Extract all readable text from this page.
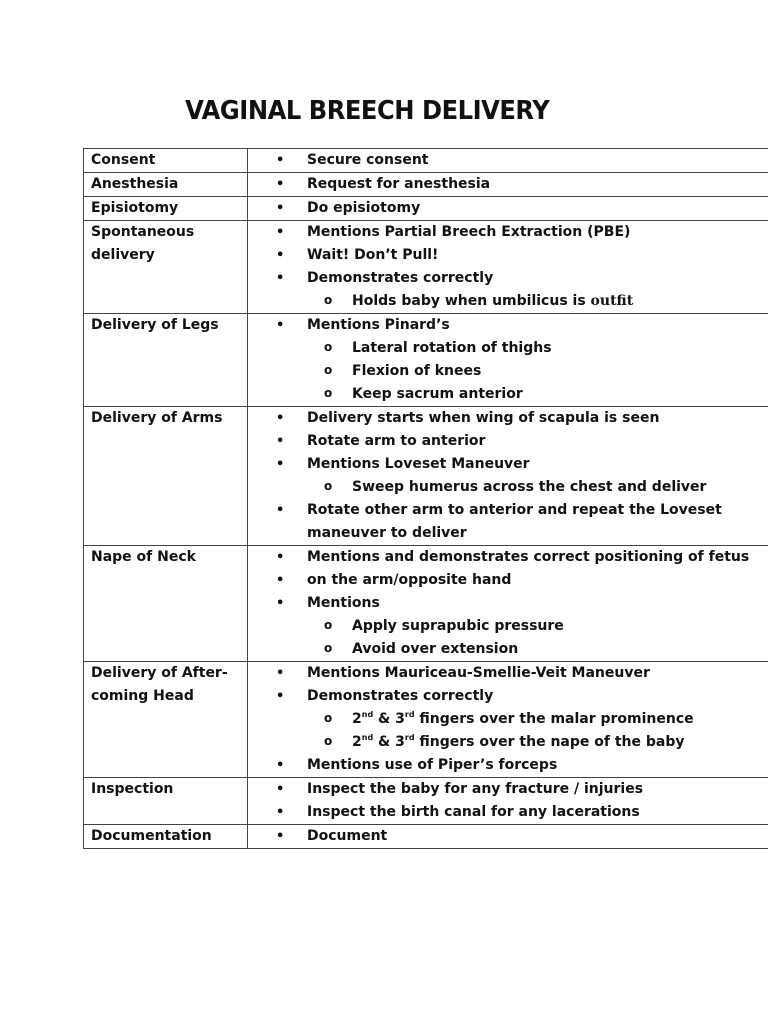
VAGINAL BREECH DELIVERY
Consent	• Secure consent

Anesthesia	• Request for anesthesia

Episiotomy	• Do episiotomy

Spontaneous delivery	• Mentions Partial Breech Extraction (PBE)
• Wait! Don’t Pull!
• Demonstrates correctly
o Holds baby when umbilicus is outfit

Delivery of Legs	• Mentions Pinard’s
o Lateral rotation of thighs
o Flexion of knees
o Keep sacrum anterior

Delivery of Arms	• Delivery starts when wing of scapula is seen
• Rotate arm to anterior
• Mentions Loveset Maneuver
o Sweep humerus across the chest and deliver
• Rotate other arm to anterior and repeat the Loveset maneuver to deliver

Nape of Neck	• Mentions and demonstrates correct positioning of fetus
• on the arm/opposite hand
• Mentions
o Apply suprapubic pressure
o Avoid over extension

Delivery of After-coming Head	• Mentions Mauriceau-Smellie-Veit Maneuver
• Demonstrates correctly
o 2nd & 3rd fingers over the malar prominence
o 2nd & 3rd fingers over the nape of the baby
• Mentions use of Piper’s forceps

Inspection	• Inspect the baby for any fracture / injuries
• Inspect the birth canal for any lacerations

Documentation	• Document
